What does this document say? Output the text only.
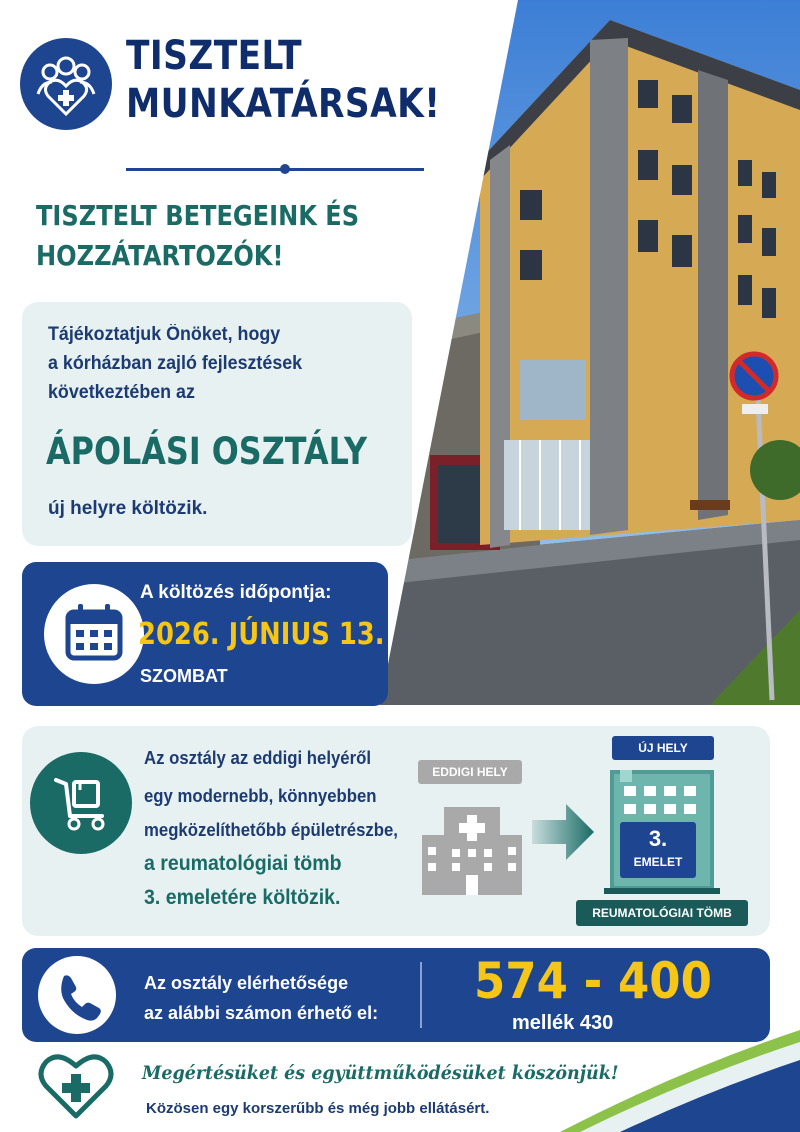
TISZTELT
MUNKATÁRSAK!
TISZTELT BETEGEINK ÉS
HOZZÁTARTOZÓK!
Tájékoztatjuk Önöket, hogy
a kórházban zajló fejlesztések
következtében az
ÁPOLÁSI OSZTÁLY
új helyre költözik.
A költözés időpontja:
2026. JÚNIUS 13.
SZOMBAT
Az osztály az eddigi helyéről
egy modernebb, könnyebben
megközelíthetőbb épületrészbe,
a reumatológiai tömb
3. emeletére költözik.
EDDIGI HELY
ÚJ HELY
3.
EMELET
REUMATOLÓGIAI TÖMB
Az osztály elérhetősége
az alábbi számon érhető el:
574 - 400
mellék 430
Megértésüket és együttműködésüket köszönjük!
Közösen egy korszerűbb és még jobb ellátásért.
